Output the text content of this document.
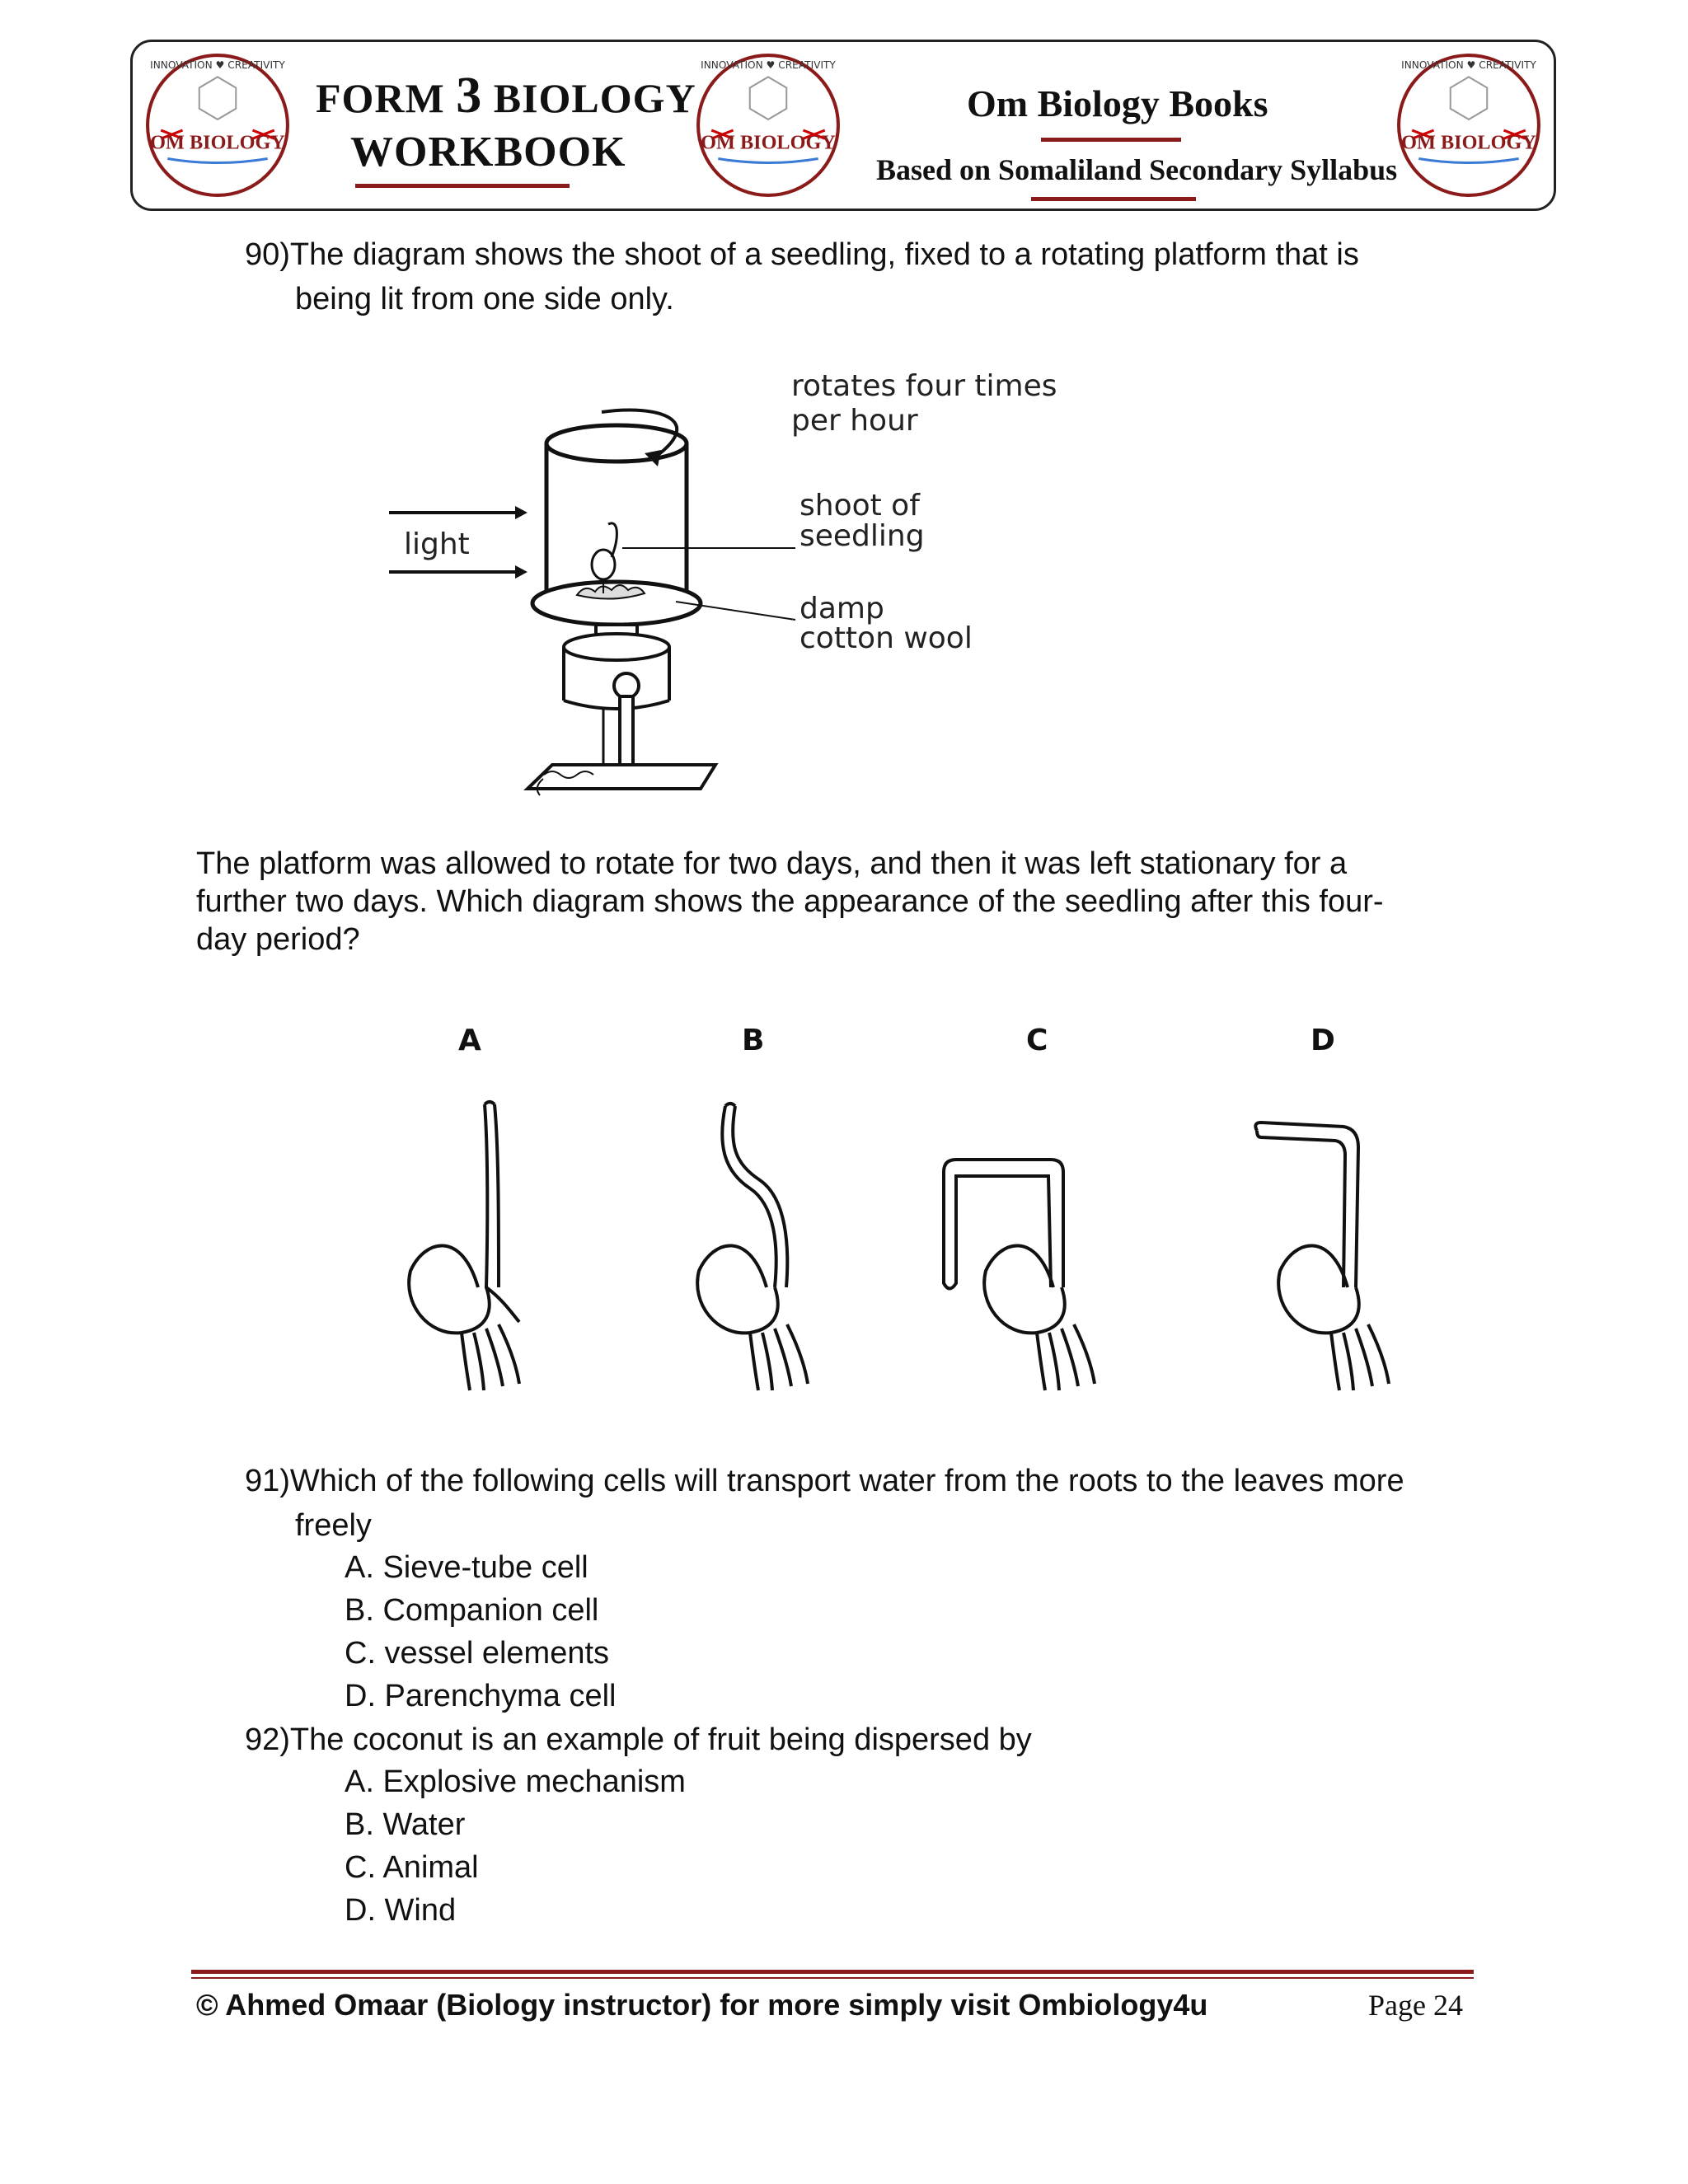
INNOVATION ♥ CREATIVITY
OM BIOLOGY
FORM 3 BIOLOGY
WORKBOOK
INNOVATION ♥ CREATIVITY
OM BIOLOGY
Om Biology Books
Based on Somaliland Secondary Syllabus
INNOVATION ♥ CREATIVITY
OM BIOLOGY
90)The diagram shows the shoot of a seedling, fixed to a rotating platform that is
being lit from one side only.
light
rotates four times
per hour
shoot of
seedling
damp
cotton wool
The platform was allowed to rotate for two days, and then it was left stationary for a
further two days. Which diagram shows the appearance of the seedling after this four-
day period?
A	B	C	D
91)Which of the following cells will transport water from the roots to the leaves more
freely
A. Sieve-tube cell
B. Companion cell
C. vessel elements
D. Parenchyma cell
92)The coconut is an example of fruit being dispersed by
A. Explosive mechanism
B. Water
C. Animal
D. Wind
© Ahmed Omaar (Biology instructor) for more simply visit Ombiology4u	Page 24
